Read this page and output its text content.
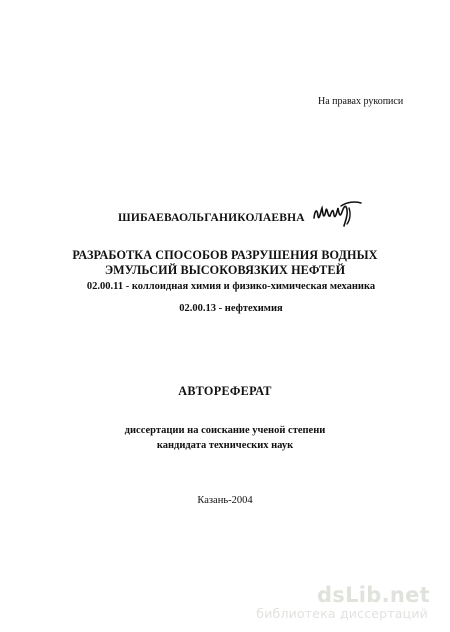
На правах рукописи
ШИБАЕВАОЛЬГАНИКОЛАЕВНА
РАЗРАБОТКА СПОСОБОВ РАЗРУШЕНИЯ ВОДНЫХ
ЭМУЛЬСИЙ ВЫСОКОВЯЗКИХ НЕФТЕЙ
02.00.11 - коллоидная химия и физико-химическая механика
02.00.13 - нефтехимия
АВТОРЕФЕРАТ
диссертации на соискание ученой степени
кандидата технических наук
Казань-2004
dsLib.net
библиотека диссертаций
